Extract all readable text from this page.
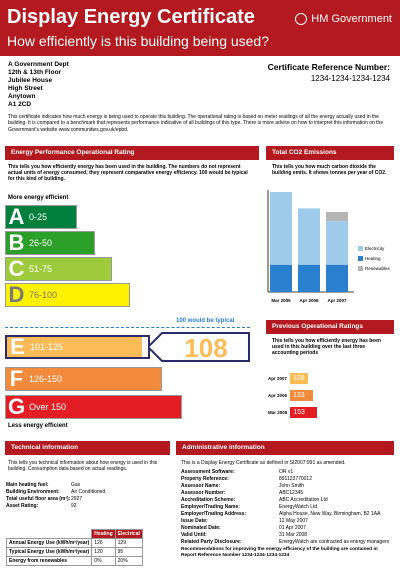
Display Energy Certificate
How efficiently is this building being used?
HM Government
A Government Dept
12th & 13th Floor
Jubilee House
High Street
Anytown
A1 2CD
Certificate Reference Number:
1234-1234-1234-1234
This certificate indicates how much energy is being used to operate this building. The operational rating is based on meter readings of all the energy actually used in the building. It is compared to a benchmark that represents performance indicative of all buildings of this type. There is more advice on how to interpret this information on the Government's website www.communities.gov.uk/epbd.
Energy Performance Operational Rating
This tells you how efficiently energy has been used in the building. The numbers do not represent actual units of energy consumed; they represent comparative energy efficiency. 100 would be typical for this kind of building.
More energy efficient
A 0-25
B 26-50
C 51-75
D 76-100
100 would be typical
E 101-125	108
F 126-150
G Over 150
Less energy efficient
Total CO2 Emissions
This tells you how much carbon dioxide the building emits. It shows tonnes per year of CO2.
Mar 2005 Apr 2006 Apr 2007
Electricity
Heating
Renewables
Previous Operational Ratings
This tells you how efficiently energy has been used in this building over the last three accounting periods
Apr 2007 108
Apr 2006 133
Mar 2005 153
Technical information
This tells you technical information about how energy is used in this building. Consumption data based on actual readings.
Main heating fuel:	Gas
Building Environment:	Air Conditioned
Total useful floor area (m²): 2927
Asset Rating:	92
	Heating	Electrical
Annual Energy Use (kWh/m²/year)	126	129
Typical Energy Use (kWh/m²/year)	120	95
Energy from renewables	0%	20%
Administrative information
This is a Display Energy Certificate as defined in SI2007:991 as amended.
Assessment Software:	OR v1
Property Reference:	891123770012
Assessor Name:	John Smith
Assessor Number:	ABC12345
Accreditation Scheme:	ABC Accreditation Ltd
Employer/Trading Name:	EnergyWatch Ltd
Employer/Trading Address:	Alpha House, New Way, Birmingham, B2 1AA
Issue Date:	12 May 2007
Nominated Date:	01 Apr 2007
Valid Until:	31 Mar 2008
Related Party Disclosure:	EnergyWatch are contracted as energy managers
Recommendations for improving the energy efficiency of the building are contained in Report Reference Number 1234-1234-1234-1234
